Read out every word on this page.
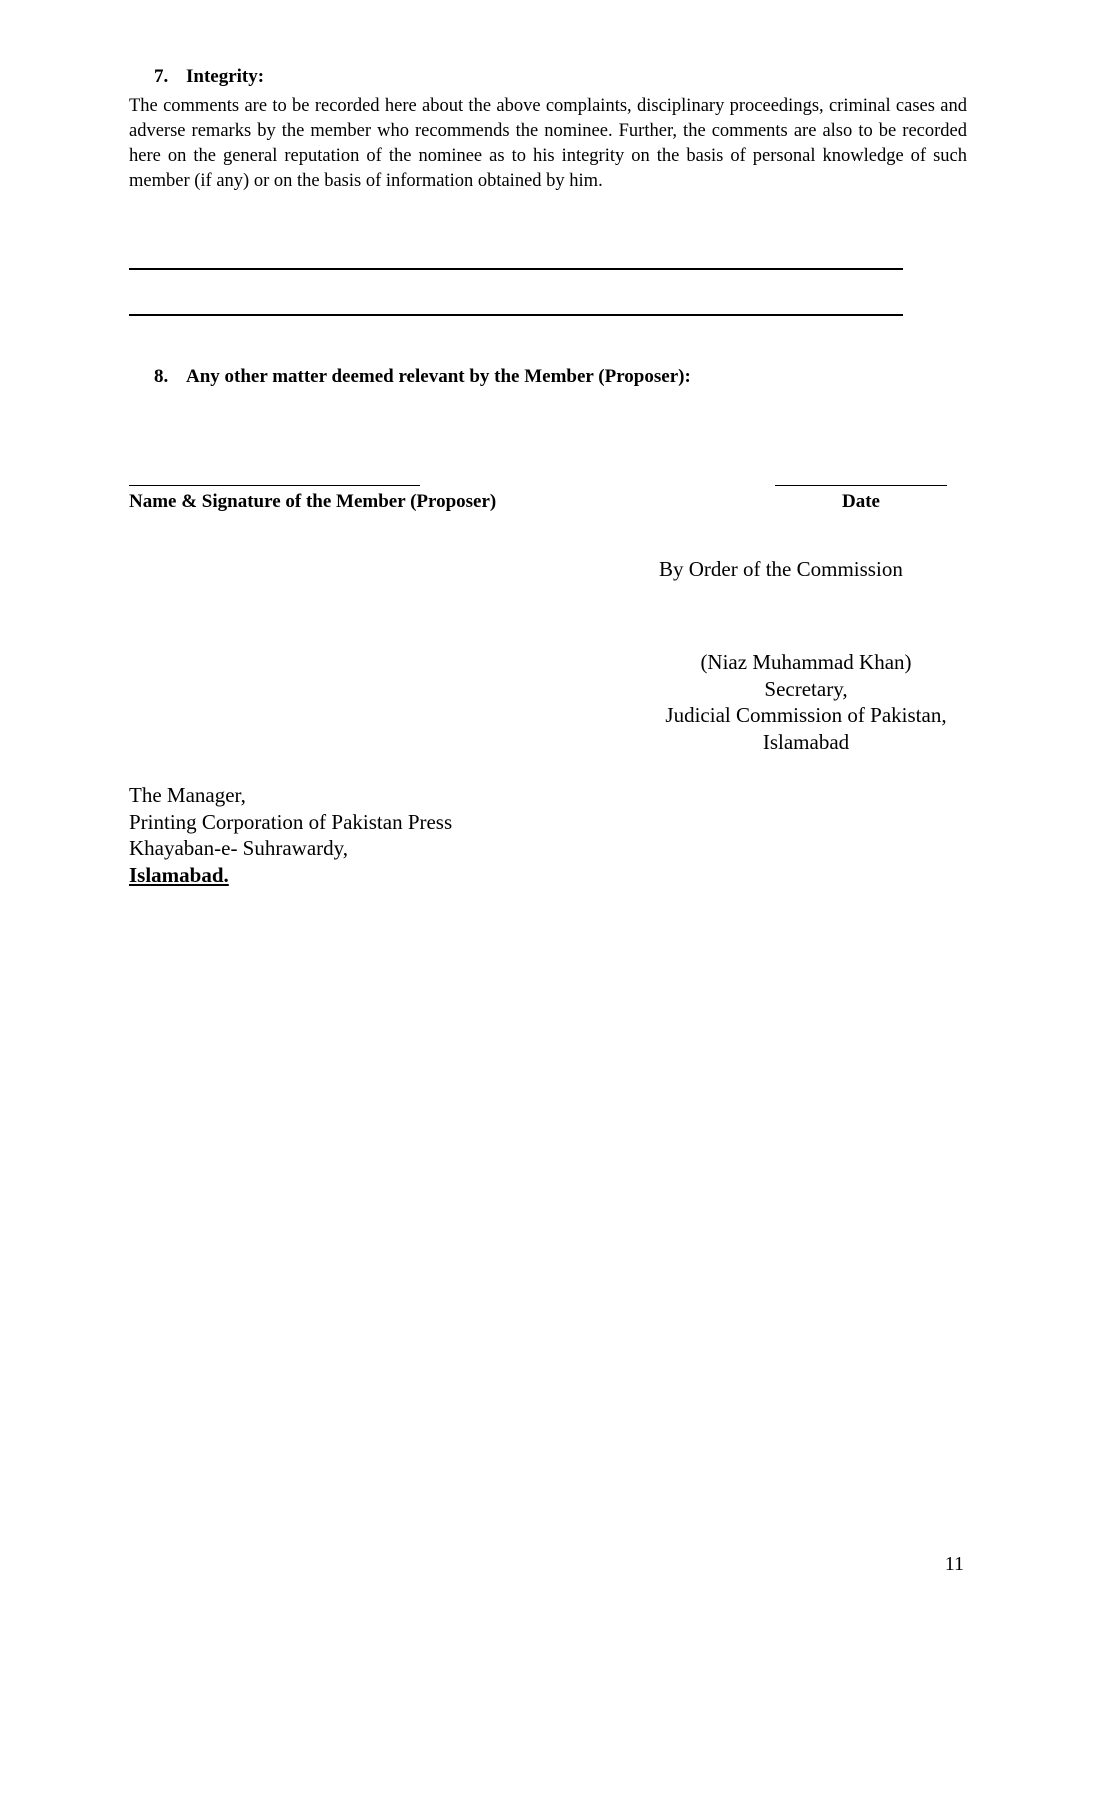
7. Integrity:

The comments are to be recorded here about the above complaints, disciplinary proceedings, criminal cases and adverse remarks by the member who recommends the nominee. Further, the comments are also to be recorded here on the general reputation of the nominee as to his integrity on the basis of personal knowledge of such member (if any) or on the basis of information obtained by him.

8. Any other matter deemed relevant by the Member (Proposer):
Name & Signature of the Member (Proposer)	Date
By Order of the Commission
(Niaz Muhammad Khan)
Secretary,
Judicial Commission of Pakistan,
Islamabad
The Manager,
Printing Corporation of Pakistan Press
Khayaban-e- Suhrawardy,
Islamabad.
11
